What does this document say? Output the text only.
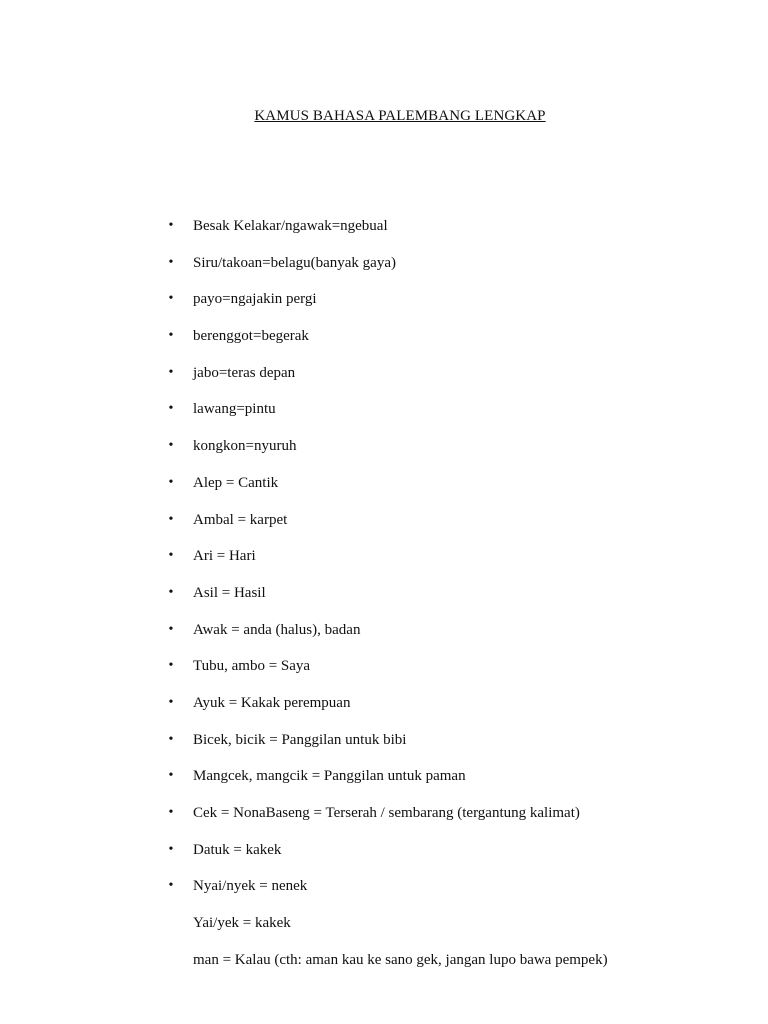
KAMUS BAHASA PALEMBANG LENGKAP
• Besak Kelakar/ngawak=ngebual
• Siru/takoan=belagu(banyak gaya)
• payo=ngajakin pergi
• berenggot=begerak
• jabo=teras depan
• lawang=pintu
• kongkon=nyuruh
• Alep = Cantik
• Ambal = karpet
• Ari = Hari
• Asil = Hasil
• Awak = anda (halus), badan
• Tubu, ambo = Saya
• Ayuk = Kakak perempuan
• Bicek, bicik = Panggilan untuk bibi
• Mangcek, mangcik = Panggilan untuk paman
• Cek = NonaBaseng = Terserah / sembarang (tergantung kalimat)
• Datuk = kakek
• Nyai/nyek = nenek
Yai/yek = kakek
man = Kalau (cth: aman kau ke sano gek, jangan lupo bawa pempek)
